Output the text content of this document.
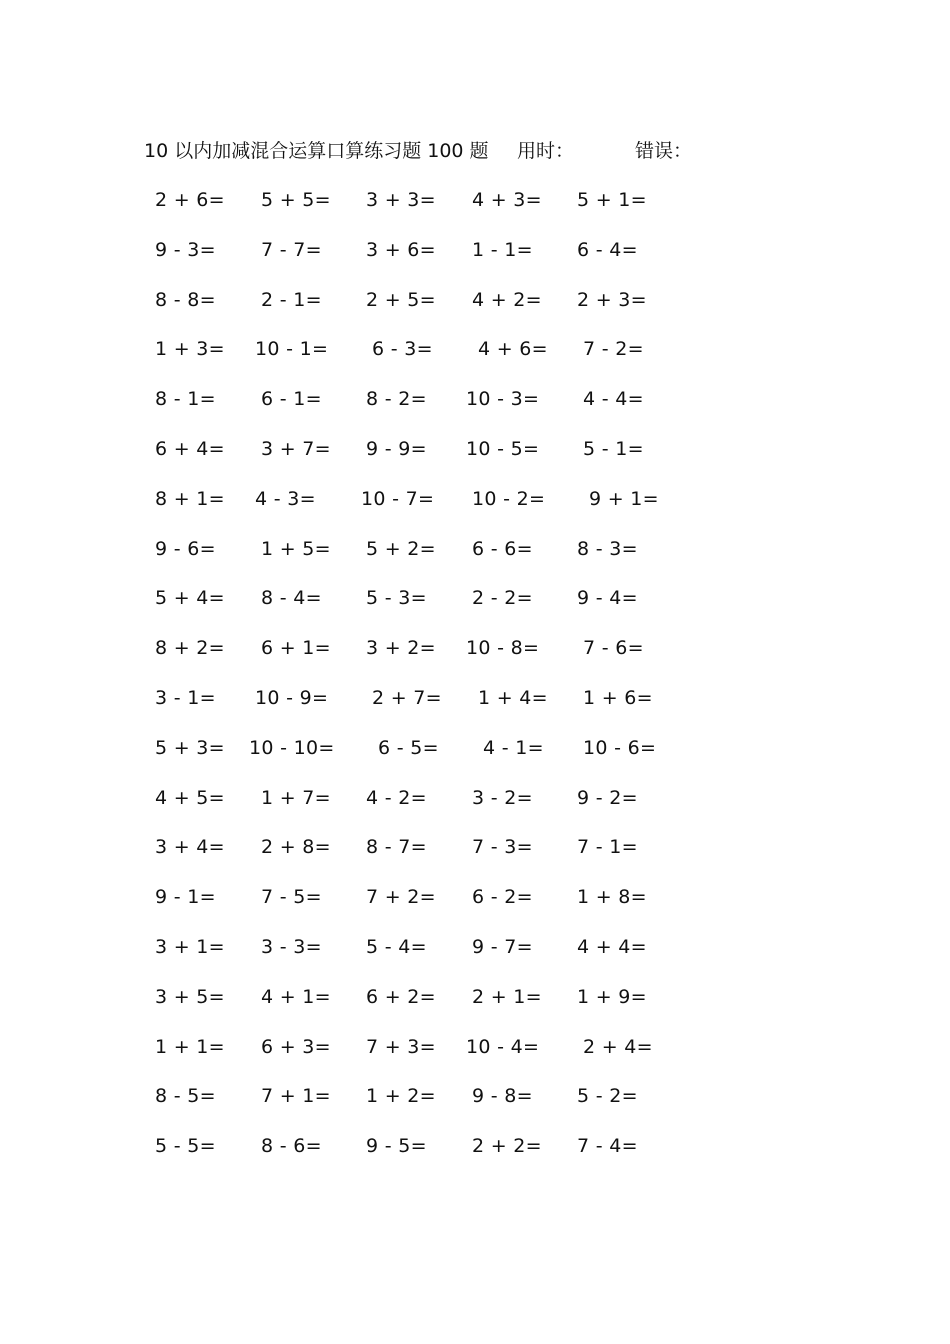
10 以内加减混合运算口算练习题 100 题 用时：	错误：
2 + 6= 5 + 5= 3 + 3= 4 + 3= 5 + 1=
9 - 3= 7 - 7= 3 + 6= 1 - 1= 6 - 4=
8 - 8= 2 - 1= 2 + 5= 4 + 2= 2 + 3=
1 + 3= 10 - 1= 6 - 3= 4 + 6= 7 - 2=
8 - 1= 6 - 1= 8 - 2= 10 - 3= 4 - 4=
6 + 4= 3 + 7= 9 - 9= 10 - 5= 5 - 1=
8 + 1= 4 - 3= 10 - 7= 10 - 2= 9 + 1=
9 - 6= 1 + 5= 5 + 2= 6 - 6= 8 - 3=
5 + 4= 8 - 4= 5 - 3= 2 - 2= 9 - 4=
8 + 2= 6 + 1= 3 + 2= 10 - 8= 7 - 6=
3 - 1= 10 - 9= 2 + 7= 1 + 4= 1 + 6=
5 + 3= 10 - 10= 6 - 5= 4 - 1= 10 - 6=
4 + 5= 1 + 7= 4 - 2= 3 - 2= 9 - 2=
3 + 4= 2 + 8= 8 - 7= 7 - 3= 7 - 1=
9 - 1= 7 - 5= 7 + 2= 6 - 2= 1 + 8=
3 + 1= 3 - 3= 5 - 4= 9 - 7= 4 + 4=
3 + 5= 4 + 1= 6 + 2= 2 + 1= 1 + 9=
1 + 1= 6 + 3= 7 + 3= 10 - 4= 2 + 4=
8 - 5= 7 + 1= 1 + 2= 9 - 8= 5 - 2=
5 - 5= 8 - 6= 9 - 5= 2 + 2= 7 - 4=
